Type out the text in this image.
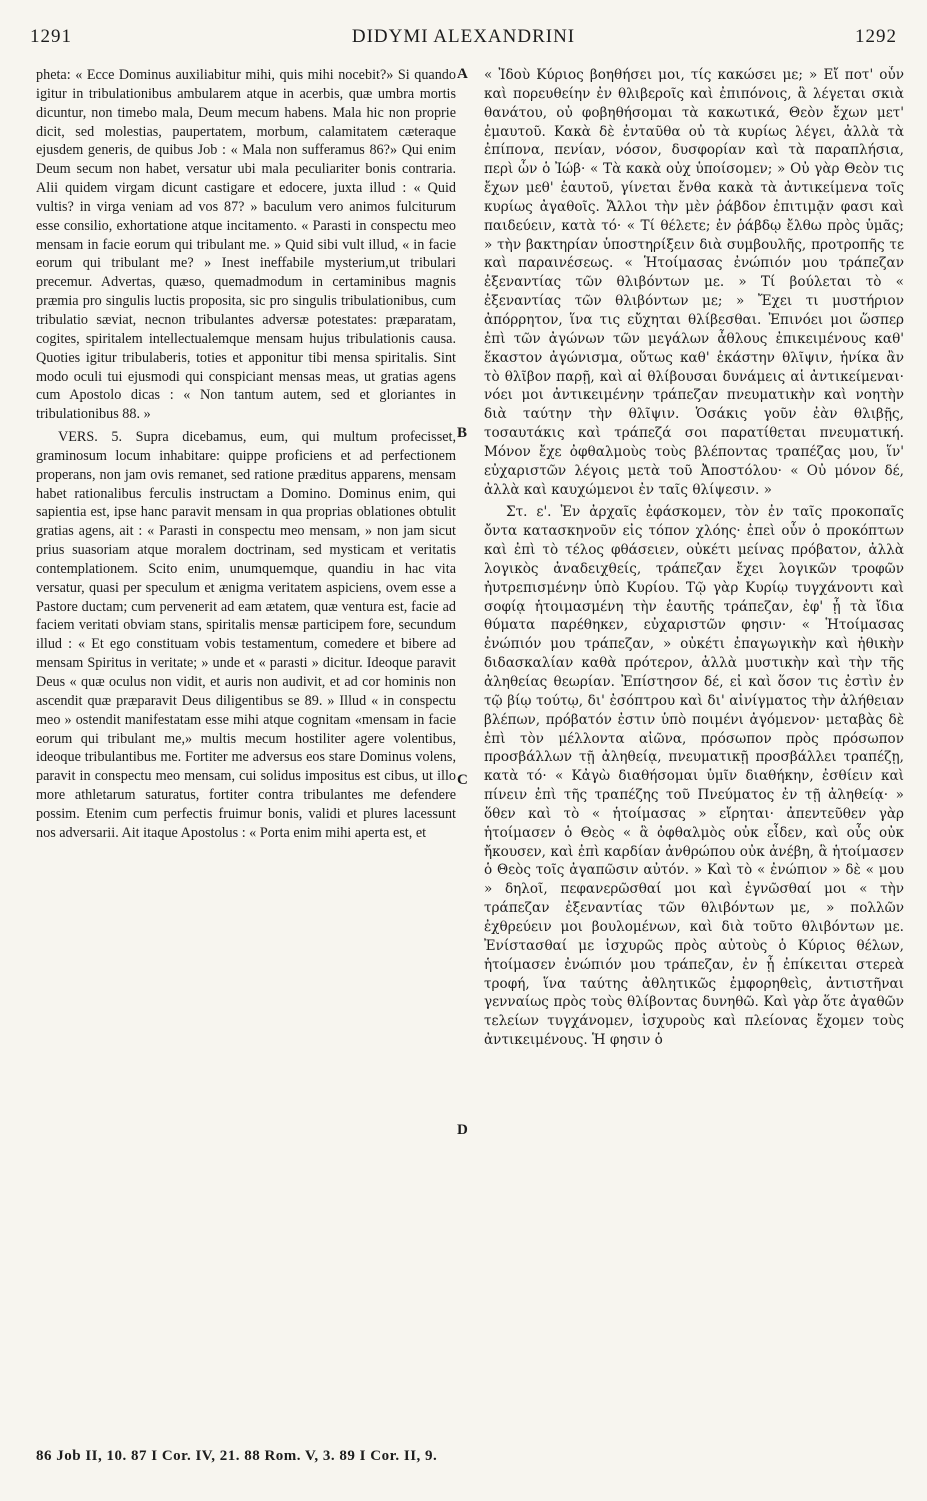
1291	DIDYMI ALEXANDRINI	1292

pheta: « Ecce Dominus auxiliabitur mihi, quis mihi nocebit?» Si quando igitur in tribulationibus ambularem atque in acerbis, quæ umbra mortis dicuntur, non timebo mala, Deum mecum habens. Mala hic non proprie dicit, sed molestias, paupertatem, morbum, calamitatem cæteraque ejusdem generis, de quibus Job : « Mala non sufferamus 86?» Qui enim Deum secum non habet, versatur ubi mala peculiariter bonis contraria. Alii quidem virgam dicunt castigare et edocere, juxta illud : « Quid vultis? in virga veniam ad vos 87? » baculum vero animos fulciturum esse consilio, exhortatione atque incitamento. « Parasti in conspectu meo mensam in facie eorum qui tribulant me. » Quid sibi vult illud, « in facie eorum qui tribulant me? » Inest ineffabile mysterium,ut tribulari precemur. Advertas, quæso, quemadmodum in certaminibus magnis præmia pro singulis luctis proposita, sic pro singulis tribulationibus, cum tribulatio sæviat, necnon tribulantes adversæ potestates: præparatam, cogites, spiritalem intellectualemque mensam hujus tribulationis causa. Quoties igitur tribulaberis, toties et apponitur tibi mensa spiritalis. Sint modo oculi tui ejusmodi qui conspiciant mensas meas, ut gratias agens cum Apostolo dicas : « Non tantum autem, sed et gloriantes in tribulationibus 88. »

VERS. 5. Supra dicebamus, eum, qui multum profecisset, graminosum locum inhabitare: quippe proficiens et ad perfectionem properans, non jam ovis remanet, sed ratione præditus apparens, mensam habet rationalibus ferculis instructam a Domino. Dominus enim, qui sapientia est, ipse hanc paravit mensam in qua proprias oblationes obtulit gratias agens, ait : « Parasti in conspectu meo mensam, » non jam sicut prius suasoriam atque moralem doctrinam, sed mysticam et veritatis contemplationem. Scito enim, unumquemque, quandiu in hac vita versatur, quasi per speculum et ænigma veritatem aspiciens, ovem esse a Pastore ductam; cum pervenerit ad eam ætatem, quæ ventura est, facie ad faciem veritati obviam stans, spiritalis mensæ participem fore, secundum illud : « Et ego constituam vobis testamentum, comedere et bibere ad mensam Spiritus in veritate; » unde et « parasti » dicitur. Ideoque paravit Deus « quæ oculus non vidit, et auris non audivit, et ad cor hominis non ascendit quæ præparavit Deus diligentibus se 89. » Illud « in conspectu meo » ostendit manifestatam esse mihi atque cognitam «mensam in facie eorum qui tribulant me,» multis mecum hostiliter agere volentibus, ideoque tribulantibus me. Fortiter me adversus eos stare Dominus volens, paravit in conspectu meo mensam, cui solidus impositus est cibus, ut illo more athletarum saturatus, fortiter contra tribulantes me defendere possim. Etenim cum perfectis fruimur bonis, validi et plures lacessunt nos adversarii. Ait itaque Apostolus : « Porta enim mihi aperta est, et

A
B
C
D

« Ἰδοὺ Κύριος βοηθήσει μοι, τίς κακώσει με; » Εἴ ποτ' οὖν καὶ πορευθείην ἐν θλιβεροῖς καὶ ἐπιπόνοις, ἃ λέγεται σκιὰ θανάτου, οὐ φοβηθήσομαι τὰ κακωτικά, Θεὸν ἔχων μετ' ἐμαυτοῦ. Κακὰ δὲ ἐνταῦθα οὐ τὰ κυρίως λέγει, ἀλλὰ τὰ ἐπίπονα, πενίαν, νόσον, δυσφορίαν καὶ τὰ παραπλήσια, περὶ ὧν ὁ Ἰώβ· « Τὰ κακὰ οὐχ ὑποίσομεν; » Οὐ γὰρ Θεὸν τις ἔχων μεθ' ἑαυτοῦ, γίνεται ἔνθα κακὰ τὰ ἀντικείμενα τοῖς κυρίως ἀγαθοῖς. Ἄλλοι τὴν μὲν ῥάβδον ἐπιτιμᾷν φασι καὶ παιδεύειν, κατὰ τό· « Τί θέλετε; ἐν ῥάβδῳ ἔλθω πρὸς ὑμᾶς; » τὴν βακτηρίαν ὑποστηρίξειν διὰ συμβουλῆς, προτροπῆς τε καὶ παραινέσεως. « Ἡτοίμασας ἐνώπιόν μου τράπεζαν ἐξεναντίας τῶν θλιβόντων με. » Τί βούλεται τὸ « ἐξεναντίας τῶν θλιβόντων με; » Ἔχει τι μυστήριον ἀπόρρητον, ἵνα τις εὔχηται θλίβεσθαι. Ἐπινόει μοι ὥσπερ ἐπὶ τῶν ἀγώνων τῶν μεγάλων ἆθλους ἐπικειμένους καθ' ἕκαστον ἀγώνισμα, οὕτως καθ' ἑκάστην θλῖψιν, ἡνίκα ἂν τὸ θλῖβον παρῇ, καὶ αἱ θλίβουσαι δυνάμεις αἱ ἀντικείμεναι· νόει μοι ἀντικειμένην τράπεζαν πνευματικὴν καὶ νοητὴν διὰ ταύτην τὴν θλῖψιν. Ὁσάκις γοῦν ἐὰν θλιβῇς, τοσαυτάκις καὶ τράπεζά σοι παρατίθεται πνευματική. Μόνον ἔχε ὀφθαλμοὺς τοὺς βλέποντας τραπέζας μου, ἵν' εὐχαριστῶν λέγοις μετὰ τοῦ Ἀποστόλου· « Οὐ μόνον δέ, ἀλλὰ καὶ καυχώμενοι ἐν ταῖς θλίψεσιν. »

Στ. ε'. Ἐν ἀρχαῖς ἐφάσκομεν, τὸν ἐν ταῖς προκοπαῖς ὄντα κατασκηνοῦν εἰς τόπον χλόης· ἐπεὶ οὖν ὁ προκόπτων καὶ ἐπὶ τὸ τέλος φθάσειεν, οὐκέτι μείνας πρόβατον, ἀλλὰ λογικὸς ἀναδειχθείς, τράπεζαν ἔχει λογικῶν τροφῶν ἠυτρεπισμένην ὑπὸ Κυρίου. Τῷ γὰρ Κυρίῳ τυγχάνοντι καὶ σοφίᾳ ἡτοιμασμένη τὴν ἑαυτῆς τράπεζαν, ἐφ' ᾗ τὰ ἴδια θύματα παρέθηκεν, εὐχαριστῶν φησιν· « Ἡτοίμασας ἐνώπιόν μου τράπεζαν, » οὐκέτι ἐπαγωγικὴν καὶ ἠθικὴν διδασκαλίαν καθὰ πρότερον, ἀλλὰ μυστικὴν καὶ τὴν τῆς ἀληθείας θεωρίαν. Ἐπίστησον δέ, εἰ καὶ ὅσον τις ἐστὶν ἐν τῷ βίῳ τούτῳ, δι' ἐσόπτρου καὶ δι' αἰνίγματος τὴν ἀλήθειαν βλέπων, πρόβατόν ἐστιν ὑπὸ ποιμένι ἀγόμενον· μεταβὰς δὲ ἐπὶ τὸν μέλλοντα αἰῶνα, πρόσωπον πρὸς πρόσωπον προσβάλλων τῇ ἀληθείᾳ, πνευματικῇ προσβάλλει τραπέζῃ, κατὰ τό· « Κἀγὼ διαθήσομαι ὑμῖν διαθήκην, ἐσθίειν καὶ πίνειν ἐπὶ τῆς τραπέζης τοῦ Πνεύματος ἐν τῇ ἀληθείᾳ· » ὅθεν καὶ τὸ « ἡτοίμασας » εἴρηται· ἀπεντεῦθεν γὰρ ἡτοίμασεν ὁ Θεὸς « ἃ ὀφθαλμὸς οὐκ εἶδεν, καὶ οὖς οὐκ ἤκουσεν, καὶ ἐπὶ καρδίαν ἀνθρώπου οὐκ ἀνέβη, ἃ ἡτοίμασεν ὁ Θεὸς τοῖς ἀγαπῶσιν αὐτόν. » Καὶ τὸ « ἐνώπιον » δὲ « μου » δηλοῖ, πεφανερῶσθαί μοι καὶ ἐγνῶσθαί μοι « τὴν τράπεζαν ἐξεναντίας τῶν θλιβόντων με, » πολλῶν ἐχθρεύειν μοι βουλομένων, καὶ διὰ τοῦτο θλιβόντων με. Ἐνίστασθαί με ἰσχυρῶς πρὸς αὐτοὺς ὁ Κύριος θέλων, ἡτοίμασεν ἐνώπιόν μου τράπεζαν, ἐν ᾗ ἐπίκειται στερεὰ τροφή, ἵνα ταύτης ἀθλητικῶς ἐμφορηθεὶς, ἀντιστῆναι γενναίως πρὸς τοὺς θλίβοντας δυνηθῶ. Καὶ γὰρ ὅτε ἀγαθῶν τελείων τυγχάνομεν, ἰσχυροὺς καὶ πλείονας ἔχομεν τοὺς ἀντικειμένους. Ἡ φησιν ὁ

86 Job II, 10. 87 I Cor. IV, 21. 88 Rom. V, 3. 89 I Cor. II, 9.
